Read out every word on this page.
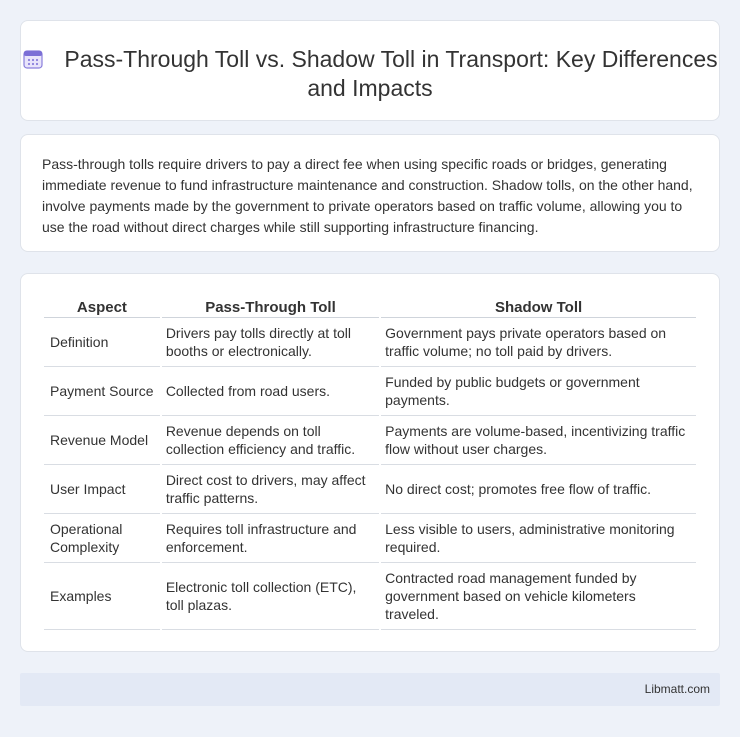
Pass-Through Toll vs. Shadow Toll in Transport: Key Differences and Impacts

Pass-through tolls require drivers to pay a direct fee when using specific roads or bridges, generating immediate revenue to fund infrastructure maintenance and construction. Shadow tolls, on the other hand, involve payments made by the government to private operators based on traffic volume, allowing you to use the road without direct charges while still supporting infrastructure financing.

Aspect	Pass-Through Toll	Shadow Toll
Definition	Drivers pay tolls directly at toll booths or electronically.	Government pays private operators based on traffic volume; no toll paid by drivers.
Payment Source	Collected from road users.	Funded by public budgets or government payments.
Revenue Model	Revenue depends on toll collection efficiency and traffic.	Payments are volume-based, incentivizing traffic flow without user charges.
User Impact	Direct cost to drivers, may affect traffic patterns.	No direct cost; promotes free flow of traffic.
Operational Complexity	Requires toll infrastructure and enforcement.	Less visible to users, administrative monitoring required.
Examples	Electronic toll collection (ETC), toll plazas.	Contracted road management funded by government based on vehicle kilometers traveled.
Libmatt.com
